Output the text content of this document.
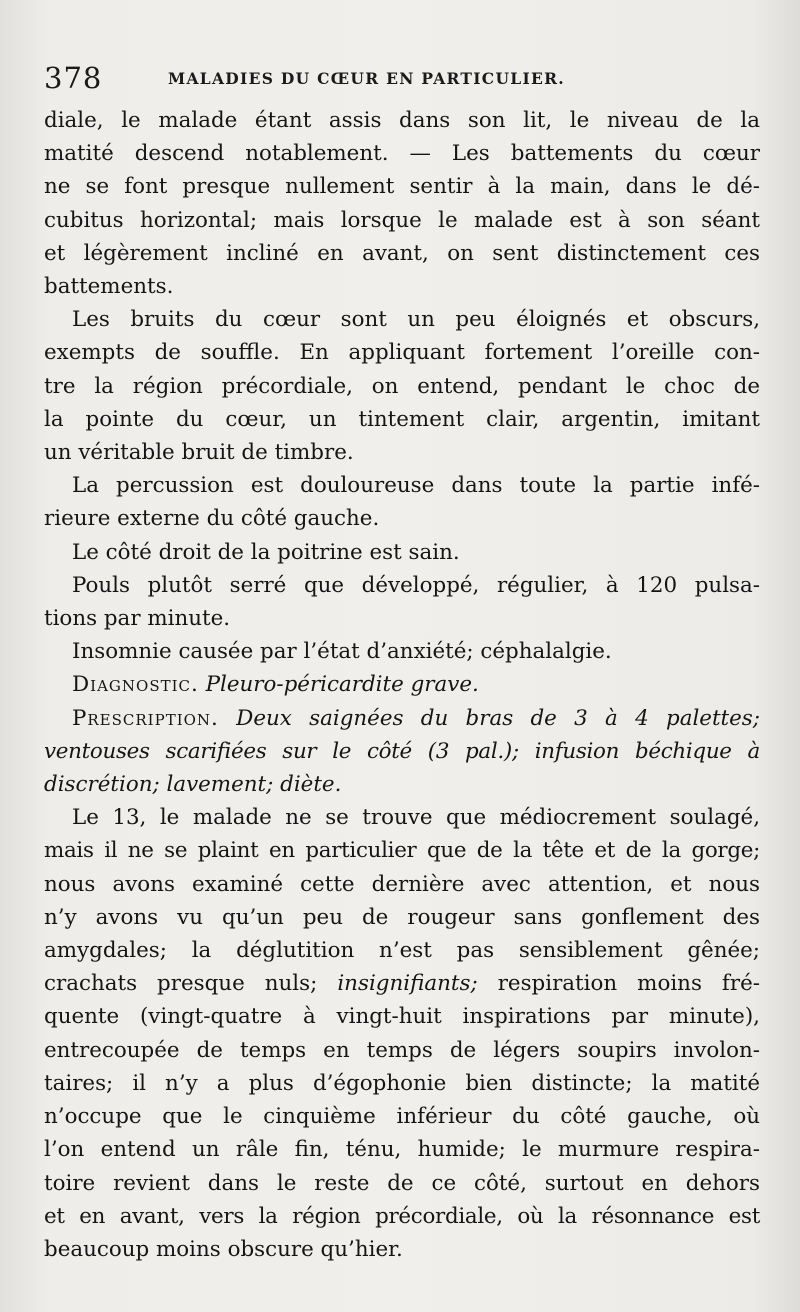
378	MALADIES DU CŒUR EN PARTICULIER.
diale, le malade étant assis dans son lit, le niveau de la
matité descend notablement. — Les battements du cœur
ne se font presque nullement sentir à la main, dans le dé-
cubitus horizontal; mais lorsque le malade est à son séant
et légèrement incliné en avant, on sent distinctement ces
battements.
Les bruits du cœur sont un peu éloignés et obscurs,
exempts de souffle. En appliquant fortement l’oreille con-
tre la région précordiale, on entend, pendant le choc de
la pointe du cœur, un tintement clair, argentin, imitant
un véritable bruit de timbre.
La percussion est douloureuse dans toute la partie infé-
rieure externe du côté gauche.
Le côté droit de la poitrine est sain.
Pouls plutôt serré que développé, régulier, à 120 pulsa-
tions par minute.
Insomnie causée par l’état d’anxiété; céphalalgie.
Diagnostic. Pleuro-péricardite grave.
Prescription. Deux saignées du bras de 3 à 4 palettes;
ventouses scarifiées sur le côté (3 pal.); infusion béchique à
discrétion; lavement; diète.
Le 13, le malade ne se trouve que médiocrement soulagé,
mais il ne se plaint en particulier que de la tête et de la gorge;
nous avons examiné cette dernière avec attention, et nous
n’y avons vu qu’un peu de rougeur sans gonflement des
amygdales; la déglutition n’est pas sensiblement gênée;
crachats presque nuls; insignifiants; respiration moins fré-
quente (vingt-quatre à vingt-huit inspirations par minute),
entrecoupée de temps en temps de légers soupirs involon-
taires; il n’y a plus d’égophonie bien distincte; la matité
n’occupe que le cinquième inférieur du côté gauche, où
l’on entend un râle fin, ténu, humide; le murmure respira-
toire revient dans le reste de ce côté, surtout en dehors
et en avant, vers la région précordiale, où la résonnance est
beaucoup moins obscure qu’hier.
